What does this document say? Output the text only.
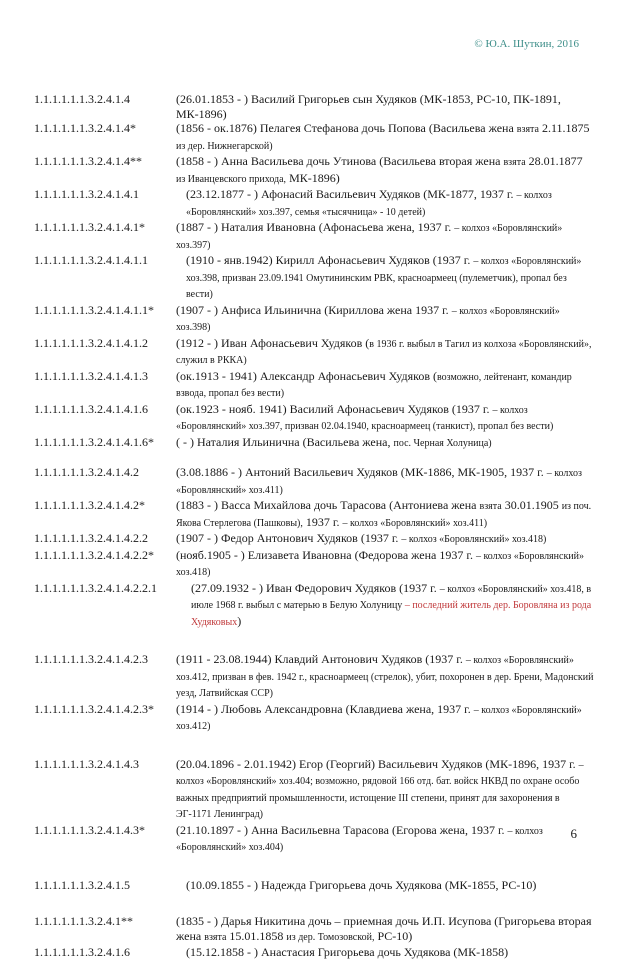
© Ю.А. Шуткин, 2016
1.1.1.1.1.1.3.2.4.1.4	(26.01.1853 - ) Василий Григорьев сын Худяков (МК-1853, РС-10, ПК-1891, МК-1896)
1.1.1.1.1.1.3.2.4.1.4*	(1856 - ок.1876) Пелагея Стефанова дочь Попова (Васильева жена взята 2.11.1875 из дер. Нижнегарской)
1.1.1.1.1.1.3.2.4.1.4**	(1858 - ) Анна Васильева дочь Утинова (Васильева вторая жена взята 28.01.1877 из Иванцевского прихода, МК-1896)
1.1.1.1.1.1.3.2.4.1.4.1	(23.12.1877 - ) Афонасий Васильевич Худяков (МК-1877, 1937 г. – колхоз «Боровлянский» хоз.397, семья «тысячница» - 10 детей)
1.1.1.1.1.1.3.2.4.1.4.1*	(1887 - ) Наталия Ивановна (Афонасьева жена, 1937 г. – колхоз «Боровлянский» хоз.397)
1.1.1.1.1.1.3.2.4.1.4.1.1	(1910 - янв.1942) Кирилл Афонасьевич Худяков (1937 г. – колхоз «Боровлянский» хоз.398, призван 23.09.1941 Омутининским РВК, красноармеец (пулеметчик), пропал без вести)
1.1.1.1.1.1.3.2.4.1.4.1.1*	(1907 - ) Анфиса Ильинична (Кириллова жена 1937 г. – колхоз «Боровлянский» хоз.398)
1.1.1.1.1.1.3.2.4.1.4.1.2	(1912 - ) Иван Афонасьевич Худяков (в 1936 г. выбыл в Тагил из колхоза «Боровлянский», служил в РККА)
1.1.1.1.1.1.3.2.4.1.4.1.3	(ок.1913 - 1941) Александр Афонасьевич Худяков (возможно, лейтенант, командир взвода, пропал без вести)
1.1.1.1.1.1.3.2.4.1.4.1.6	(ок.1923 - нояб. 1941) Василий Афонасьевич Худяков (1937 г. – колхоз «Боровлянский» хоз.397, призван 02.04.1940, красноармеец (танкист), пропал без вести)
1.1.1.1.1.1.3.2.4.1.4.1.6*	( - ) Наталия Ильинична (Васильева жена, пос. Черная Холуница)
1.1.1.1.1.1.3.2.4.1.4.2	(3.08.1886 - ) Антоний Васильевич Худяков (МК-1886, МК-1905, 1937 г. – колхоз «Боровлянский» хоз.411)
1.1.1.1.1.1.3.2.4.1.4.2*	(1883 - ) Васса Михайлова дочь Тарасова (Антониева жена взята 30.01.1905 из поч. Якова Стерлегова (Пашковы), 1937 г. – колхоз «Боровлянский» хоз.411)
1.1.1.1.1.1.3.2.4.1.4.2.2	(1907 - ) Федор Антонович Худяков (1937 г. – колхоз «Боровлянский» хоз.418)
1.1.1.1.1.1.3.2.4.1.4.2.2*	(нояб.1905 - ) Елизавета Ивановна (Федорова жена 1937 г. – колхоз «Боровлянский» хоз.418)
1.1.1.1.1.1.3.2.4.1.4.2.2.1	(27.09.1932 - ) Иван Федорович Худяков (1937 г. – колхоз «Боровлянский» хоз.418, в июле 1968 г. выбыл с матерью в Белую Холуницу – последний житель дер. Боровляна из рода Худяковых)
1.1.1.1.1.1.3.2.4.1.4.2.3	(1911 - 23.08.1944) Клавдий Антонович Худяков (1937 г. – колхоз «Боровлянский» хоз.412, призван в фев. 1942 г., красноармеец (стрелок), убит, похоронен в дер. Брени, Мадонский уезд, Латвийская ССР)
1.1.1.1.1.1.3.2.4.1.4.2.3*	(1914 - ) Любовь Александровна (Клавдиева жена, 1937 г. – колхоз «Боровлянский» хоз.412)
1.1.1.1.1.1.3.2.4.1.4.3	(20.04.1896 - 2.01.1942) Егор (Георгий) Васильевич Худяков (МК-1896, 1937 г. – колхоз «Боровлянский» хоз.404; возможно, рядовой 166 отд. бат. войск НКВД по охране особо важных предприятий промышленности, истощение III степени, принят для захоронения в ЭГ-1171 Ленинград)
1.1.1.1.1.1.3.2.4.1.4.3*	(21.10.1897 - ) Анна Васильевна Тарасова (Егорова жена, 1937 г. – колхоз «Боровлянский» хоз.404)
1.1.1.1.1.1.3.2.4.1.5	(10.09.1855 - ) Надежда Григорьева дочь Худякова (МК-1855, РС-10)
1.1.1.1.1.1.3.2.4.1**	(1835 - ) Дарья Никитина дочь – приемная дочь И.П. Исупова (Григорьева вторая жена взята 15.01.1858 из дер. Томозовской, РС-10)
1.1.1.1.1.1.3.2.4.1.6	(15.12.1858 - ) Анастасия Григорьева дочь Худякова (МК-1858)
6
